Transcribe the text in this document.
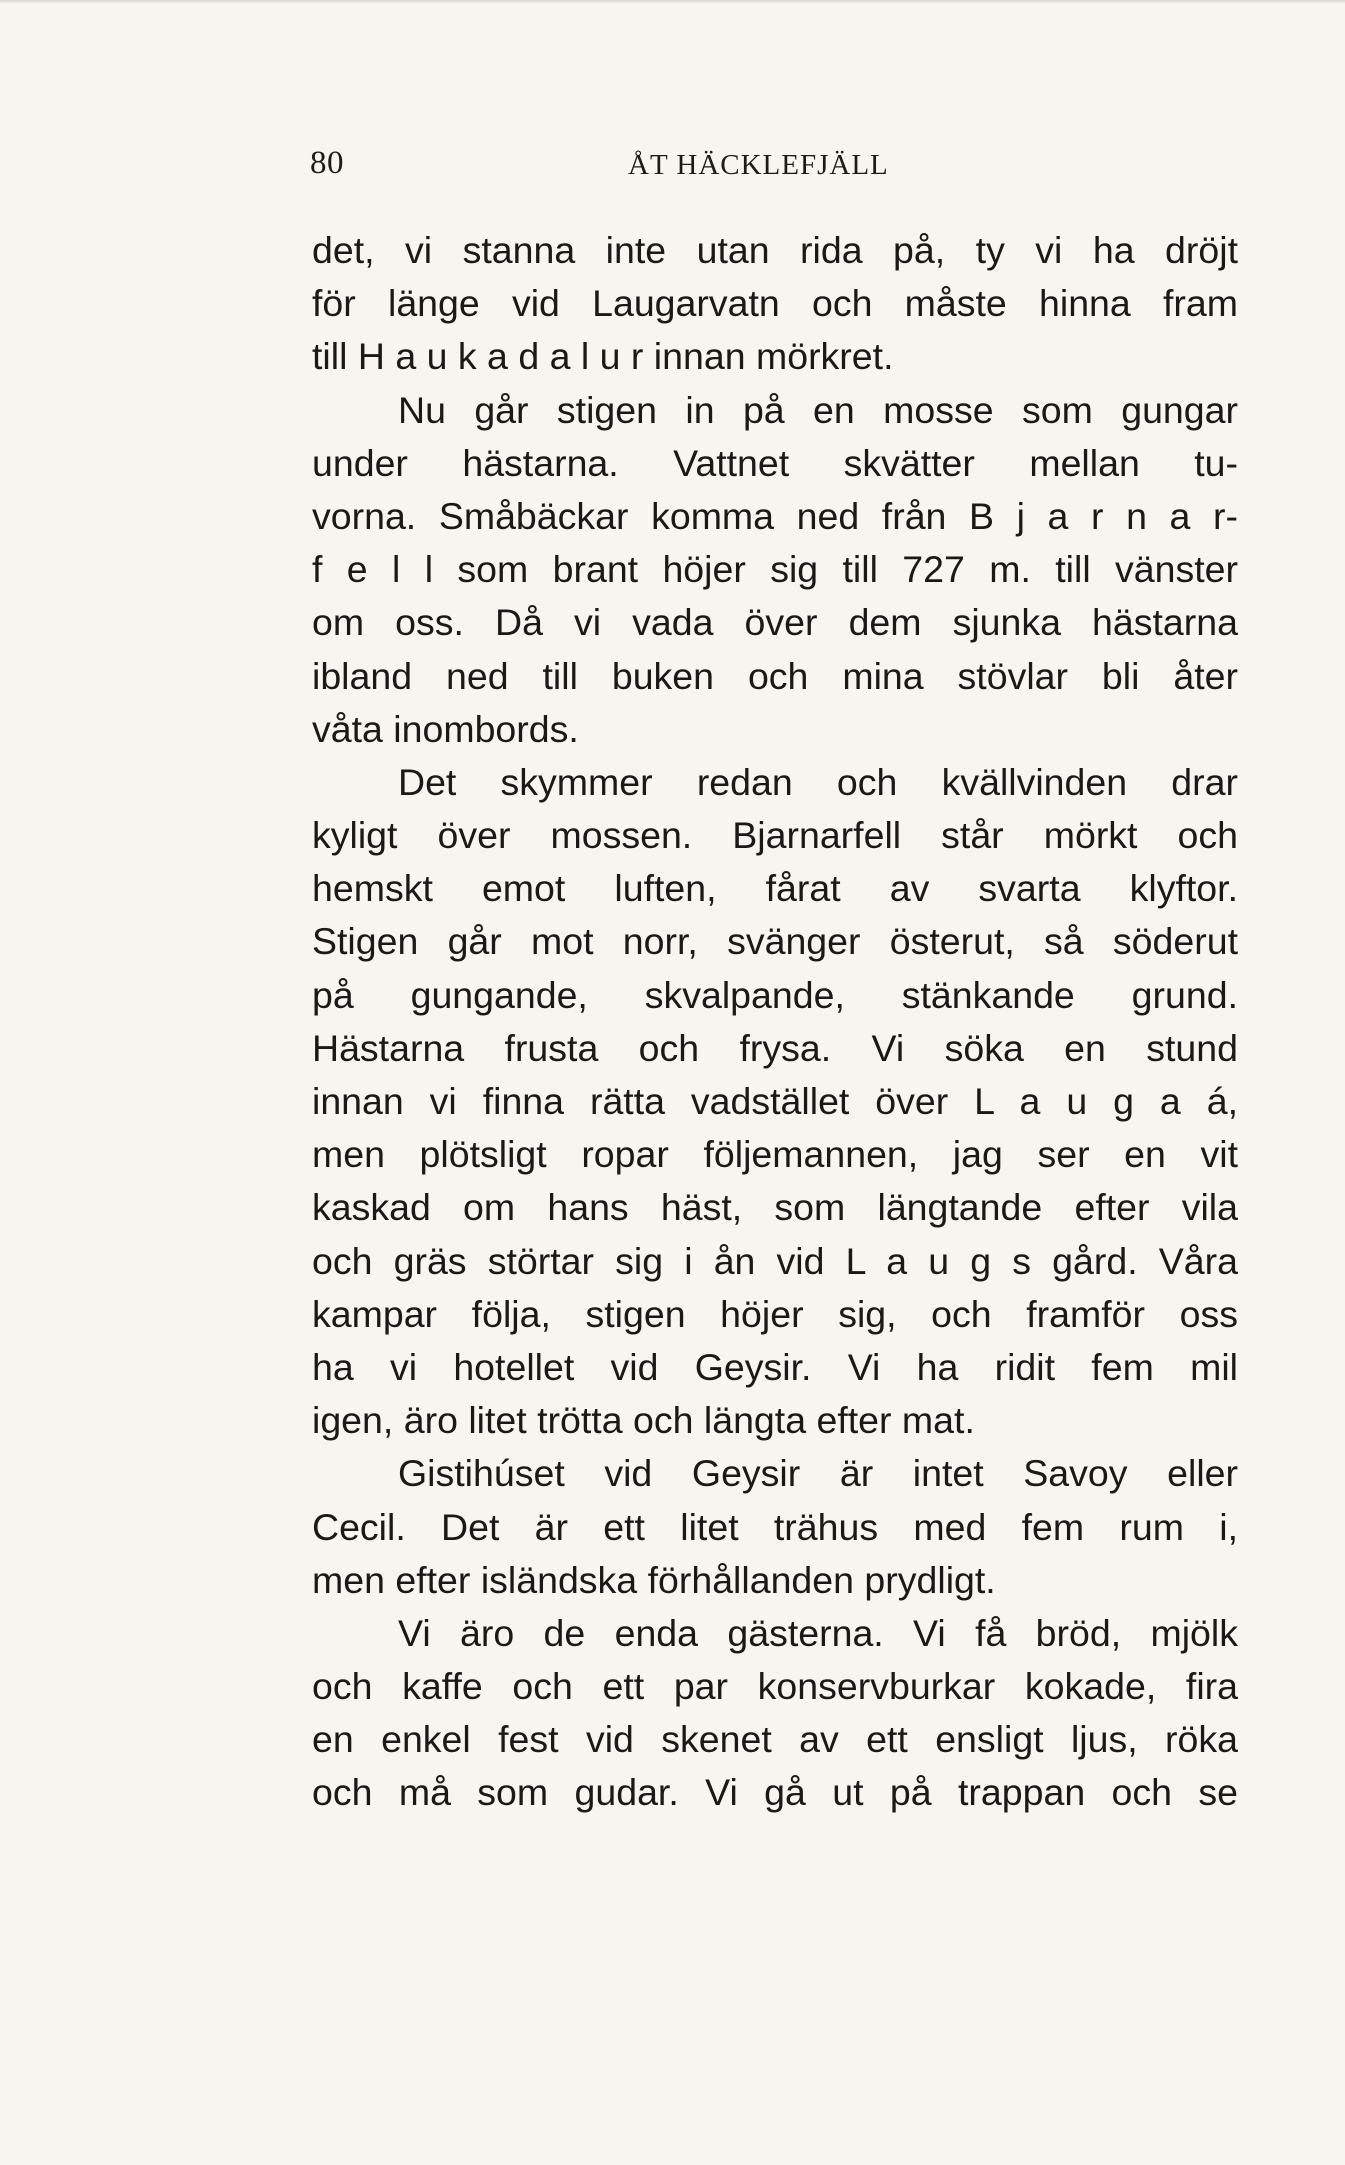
80	ÅT HÄCKLEFJÄLL
det, vi stanna inte utan rida på, ty vi ha dröjt
för länge vid Laugarvatn och måste hinna fram
till H a u k a d a l u r innan mörkret.
Nu går stigen in på en mosse som gungar
under hästarna. Vattnet skvätter mellan tu-
vorna. Småbäckar komma ned från B j a r n a r-
f e l l som brant höjer sig till 727 m. till vänster
om oss. Då vi vada över dem sjunka hästarna
ibland ned till buken och mina stövlar bli åter
våta inombords.
Det skymmer redan och kvällvinden drar
kyligt över mossen. Bjarnarfell står mörkt och
hemskt emot luften, fårat av svarta klyftor.
Stigen går mot norr, svänger österut, så söderut
på gungande, skvalpande, stänkande grund.
Hästarna frusta och frysa. Vi söka en stund
innan vi finna rätta vadstället över L a u g a á,
men plötsligt ropar följemannen, jag ser en vit
kaskad om hans häst, som längtande efter vila
och gräs störtar sig i ån vid L a u g s gård. Våra
kampar följa, stigen höjer sig, och framför oss
ha vi hotellet vid Geysir. Vi ha ridit fem mil
igen, äro litet trötta och längta efter mat.
Gistihúset vid Geysir är intet Savoy eller
Cecil. Det är ett litet trähus med fem rum i,
men efter isländska förhållanden prydligt.
Vi äro de enda gästerna. Vi få bröd, mjölk
och kaffe och ett par konservburkar kokade, fira
en enkel fest vid skenet av ett ensligt ljus, röka
och må som gudar. Vi gå ut på trappan och se
